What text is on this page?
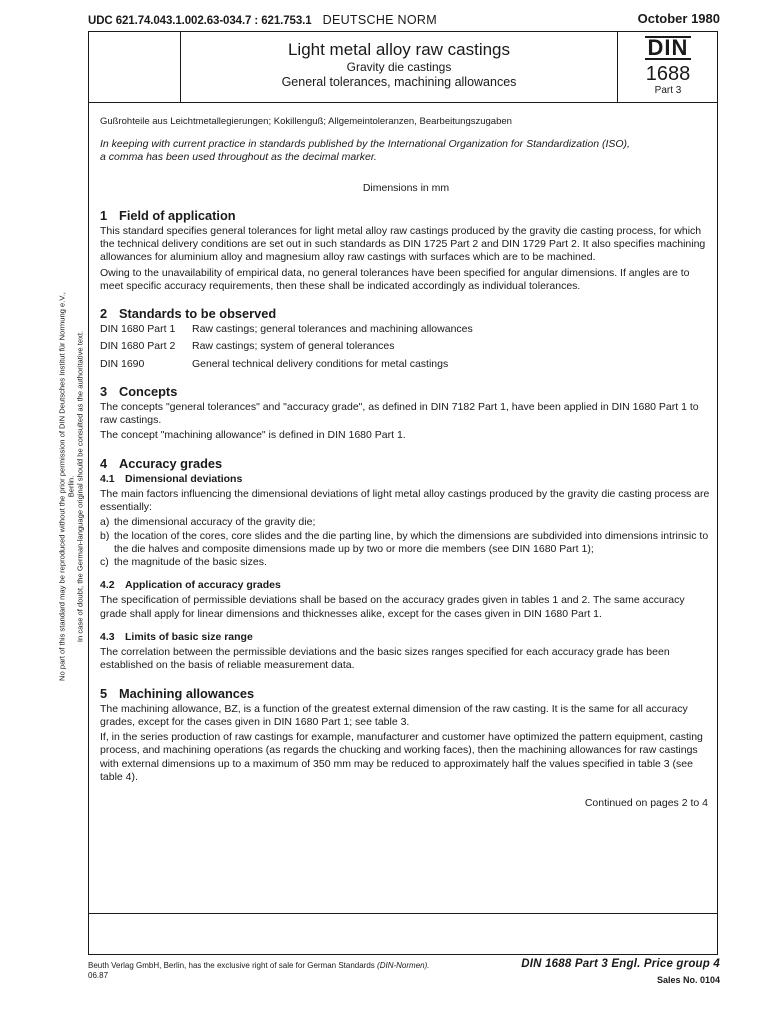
UDC 621.74.043.1.002.63-034.7 : 621.753.1 DEUTSCHE NORM	October 1980
Light metal alloy raw castings
Gravity die castings
General tolerances, machining allowances
DIN
1688
Part 3
No part of this standard may be reproduced without the prior permission of DIN Deutsches Institut für Normung e.V., Berlin. In case of doubt, the German-language original should be consulted as the authoritative text.
Gußrohteile aus Leichtmetallegierungen; Kokillenguß; Allgemeintoleranzen, Bearbeitungszugaben
In keeping with current practice in standards published by the International Organization for Standardization (ISO),
a comma has been used throughout as the decimal marker.
Dimensions in mm
1 Field of application

This standard specifies general tolerances for light metal alloy raw castings produced by the gravity die casting process, for which the technical delivery conditions are set out in such standards as DIN 1725 Part 2 and DIN 1729 Part 2. It also specifies machining allowances for aluminium alloy and magnesium alloy raw castings with surfaces which are to be machined.

Owing to the unavailability of empirical data, no general tolerances have been specified for angular dimensions. If angles are to meet specific accuracy requirements, then these shall be indicated accordingly as individual tolerances.

2 Standards to be observed
DIN 1680 Part 1	Raw castings; general tolerances and machining allowances
DIN 1680 Part 2	Raw castings; system of general tolerances
DIN 1690	General technical delivery conditions for metal castings
3 Concepts

The concepts "general tolerances" and "accuracy grade", as defined in DIN 7182 Part 1, have been applied in DIN 1680 Part 1 to raw castings.

The concept "machining allowance" is defined in DIN 1680 Part 1.

4 Accuracy grades
4.1 Dimensional deviations

The main factors influencing the dimensional deviations of light metal alloy castings produced by the gravity die casting process are essentially:

a) the dimensional accuracy of the gravity die;
b) the location of the cores, core slides and the die parting line, by which the dimensions are subdivided into dimensions intrinsic to the die halves and composite dimensions made up by two or more die members (see DIN 1680 Part 1);
c) the magnitude of the basic sizes.
4.2 Application of accuracy grades

The specification of permissible deviations shall be based on the accuracy grades given in tables 1 and 2. The same accuracy grade shall apply for linear dimensions and thicknesses alike, except for the cases given in DIN 1680 Part 1.

4.3 Limits of basic size range

The correlation between the permissible deviations and the basic sizes ranges specified for each accuracy grade has been established on the basis of reliable measurement data.

5 Machining allowances

The machining allowance, BZ, is a function of the greatest external dimension of the raw casting. It is the same for all accuracy grades, except for the cases given in DIN 1680 Part 1; see table 3.

If, in the series production of raw castings for example, manufacturer and customer have optimized the pattern equipment, casting process, and machining operations (as regards the chucking and working faces), then the machining allowances for raw castings with external dimensions up to a maximum of 350 mm may be reduced to approximately half the values specified in table 3 (see table 4).

Continued on pages 2 to 4
Beuth Verlag GmbH, Berlin, has the exclusive right of sale for German Standards (DIN-Normen).
06.87
DIN 1688 Part 3 Engl. Price group 4
Sales No. 0104
